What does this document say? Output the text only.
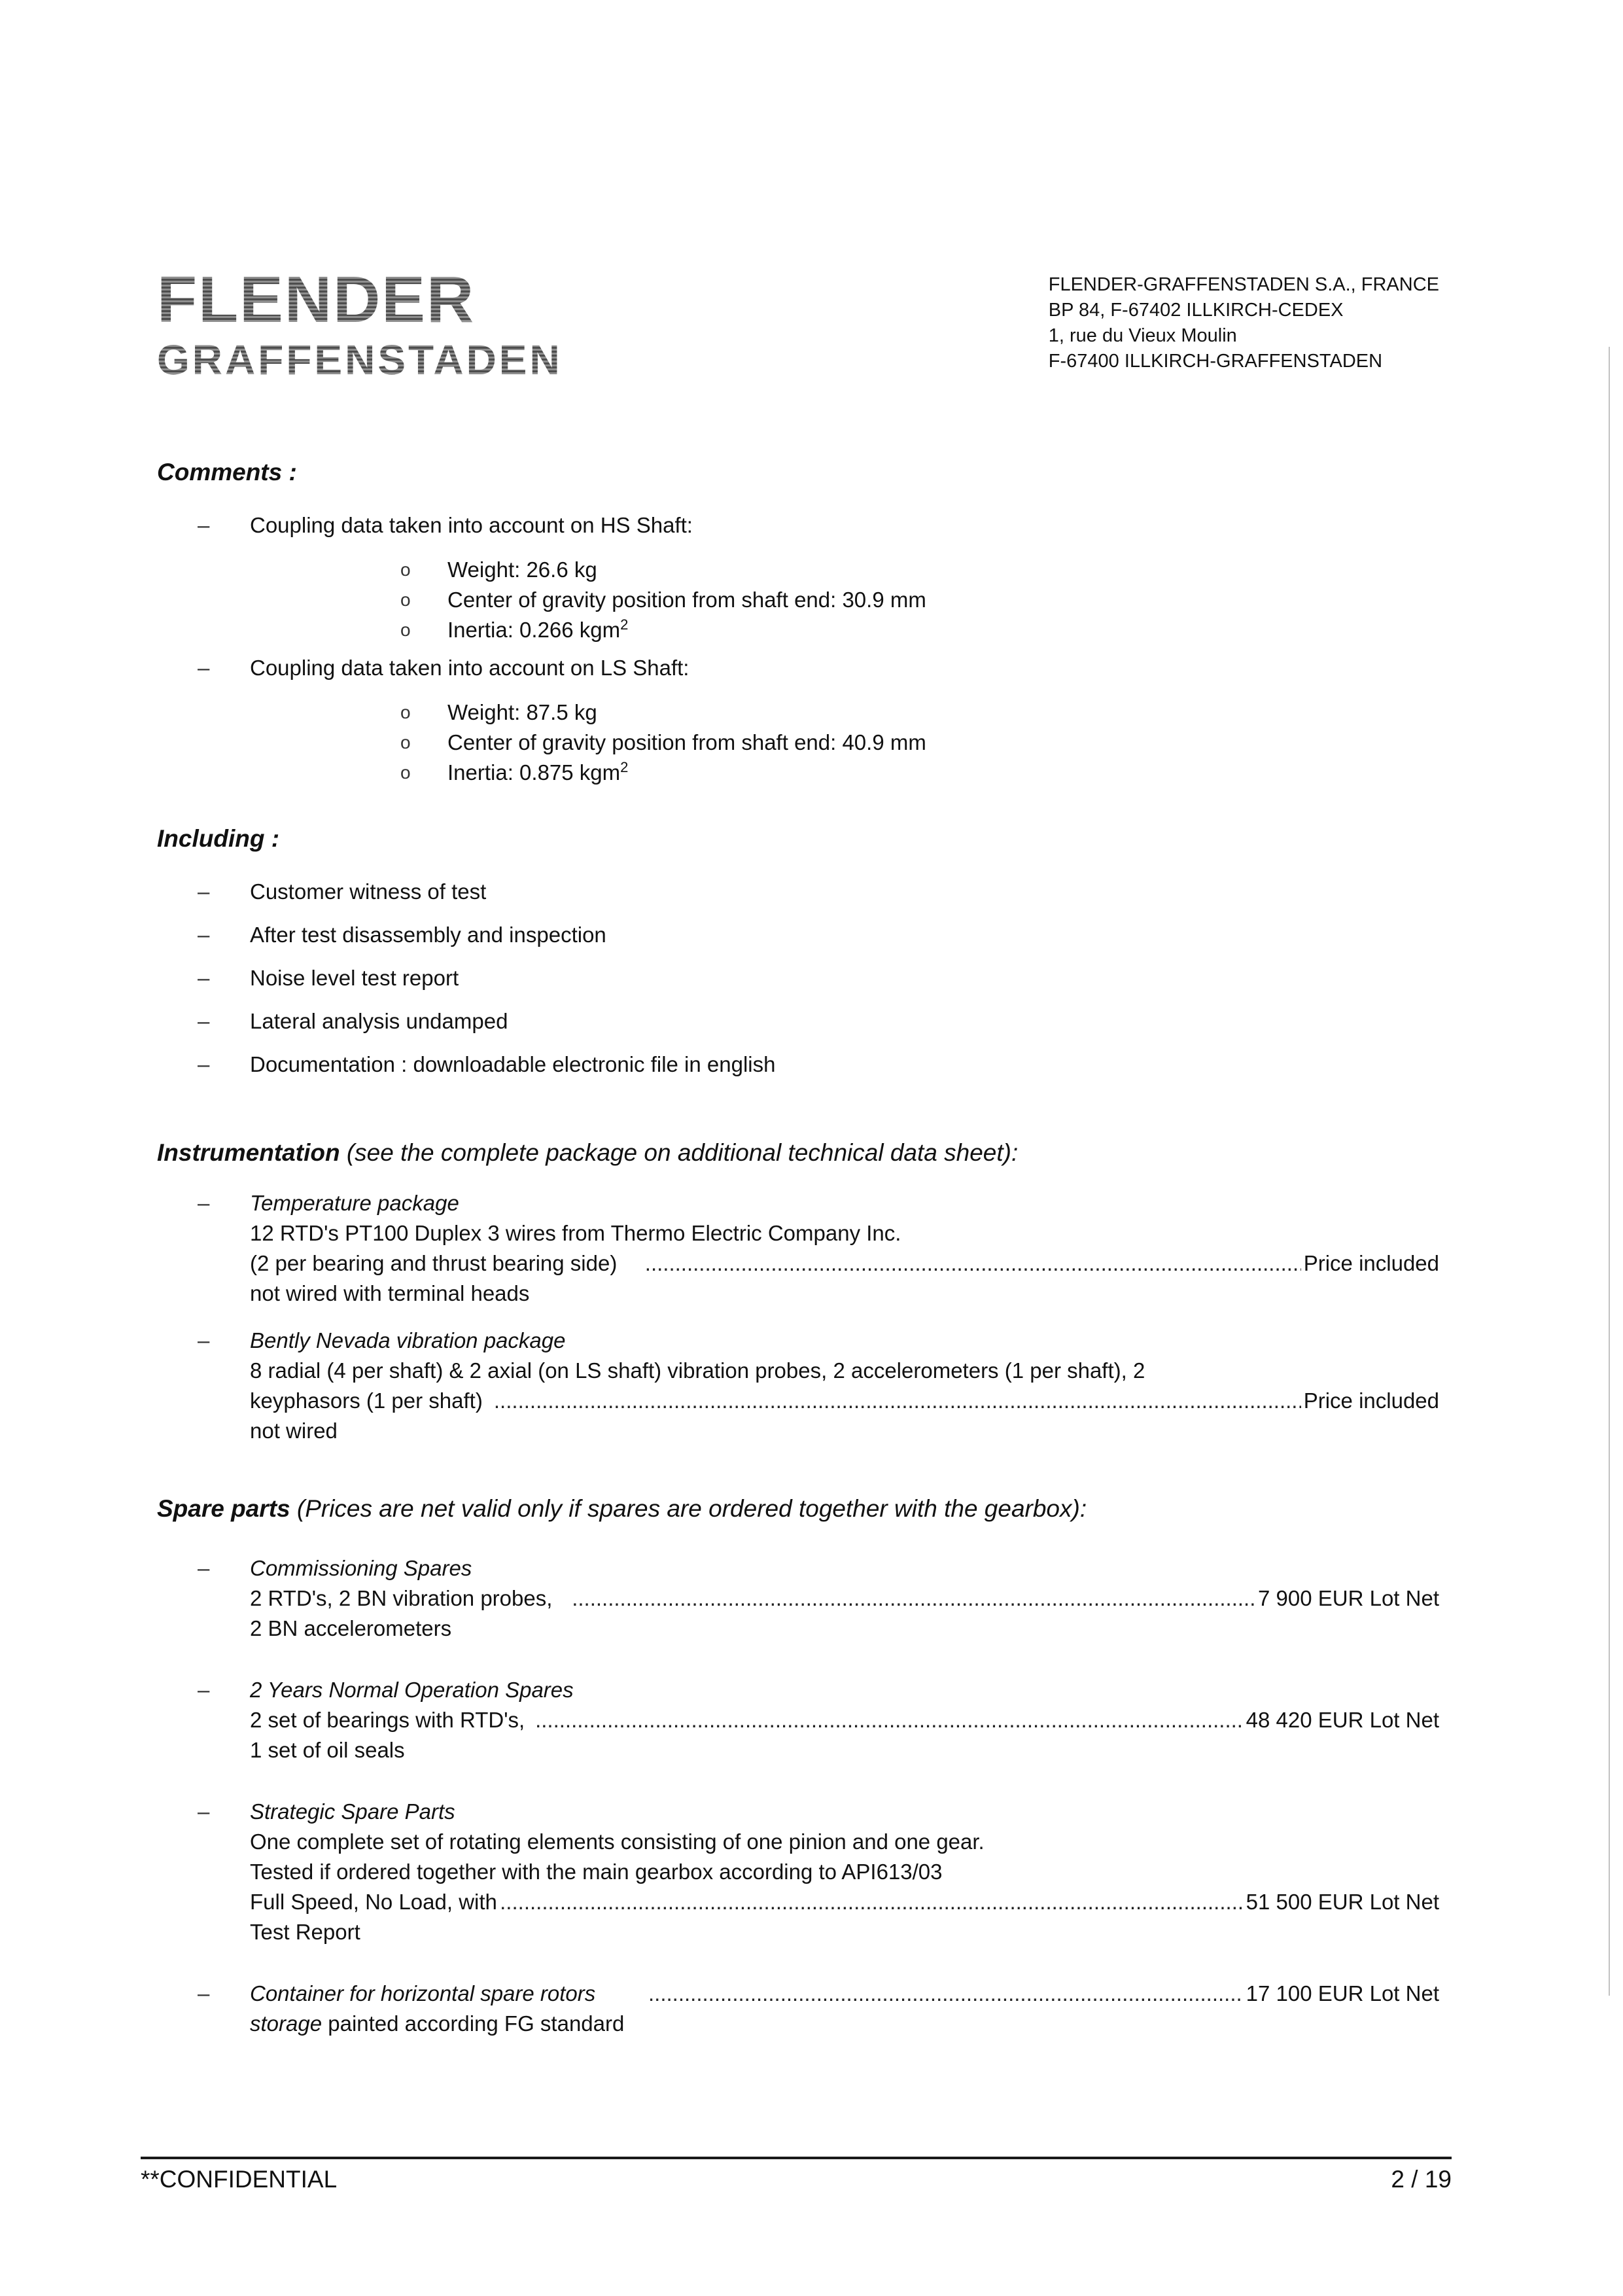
FLENDER
GRAFFENSTADEN
FLENDER-GRAFFENSTADEN S.A., FRANCE
BP 84, F-67402 ILLKIRCH-CEDEX
1, rue du Vieux Moulin
F-67400 ILLKIRCH-GRAFFENSTADEN
Comments :
– Coupling data taken into account on HS Shaft:
o Weight: 26.6 kg
o Center of gravity position from shaft end: 30.9 mm
o Inertia: 0.266 kgm$^2$
– Coupling data taken into account on LS Shaft:
o Weight: 87.5 kg
o Center of gravity position from shaft end: 40.9 mm
o Inertia: 0.875 kgm$^2$
Including :
– Customer witness of test
– After test disassembly and inspection
– Noise level test report
– Lateral analysis undamped
– Documentation : downloadable electronic file in english
Instrumentation (see the complete package on additional technical data sheet):
– Temperature package
12 RTD's PT100 Duplex 3 wires from Thermo Electric Company Inc.
(2 per bearing and thrust bearing side) not wired with terminal heads
.....
Price included
– Bently Nevada vibration package
8 radial (4 per shaft) & 2 axial (on LS shaft) vibration probes, 2 accelerometers (1 per shaft), 2
keyphasors (1 per shaft) not wired
.....
Price included
Spare parts (Prices are net valid only if spares are ordered together with the gearbox):
– Commissioning Spares
2 RTD's, 2 BN vibration probes, 2 BN accelerometers
.....
7 900 EUR Lot Net
– 2 Years Normal Operation Spares
2 set of bearings with RTD's, 1 set of oil seals
.....
48 420 EUR Lot Net
– Strategic Spare Parts
One complete set of rotating elements consisting of one pinion and one gear.
Tested if ordered together with the main gearbox according to API613/03
Full Speed, No Load, with Test Report
.....
51 500 EUR Lot Net
– Container for horizontal spare rotors storage painted according FG standard
.....
17 100 EUR Lot Net
**CONFIDENTIAL	2 / 19
